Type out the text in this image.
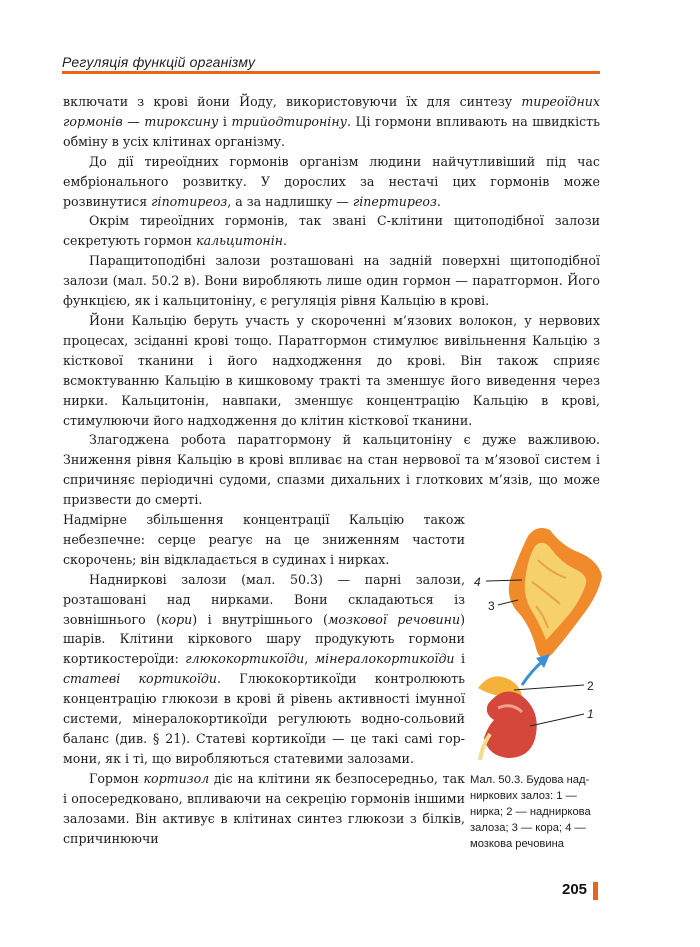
Регуляція функцій організму

включати з крові йони Йоду, використовуючи їх для синтезу тиреоїдних гормонів — тироксину і трийодтироніну. Ці гормони впливають на швидкість обміну в усіх клітинах організму.

До дії тиреоїдних гормонів організм людини найчутливіший під час ембріонального розвитку. У дорослих за нестачі цих гормонів може розвинутися гіпотиреоз, а за надлишку — гіпертиреоз.

Окрім тиреоїдних гормонів, так звані С-клітини щитоподібної залози секретують гормон кальцитонін.

Паращитоподібні залози розташовані на задній поверхні щитоподібної залози (мал. 50.2 в). Вони виробляють лише один гормон — паратгормон. Його функцією, як і кальцитоніну, є регуляція рівня Кальцію в крові.

Йони Кальцію беруть участь у скороченні м’язових волокон, у нервових процесах, зсіданні крові тощо. Паратгормон стимулює вивільнення Кальцію з кісткової тканини і його надходження до крові. Він також сприяє всмоктуванню Кальцію в кишковому тракті та зменшує його виведення через нирки. Кальцитонін, навпаки, зменшує концентрацію Кальцію в крові, стимулюючи його надходження до клітин кісткової тканини.

Злагоджена робота паратгормону й кальцитоніну є дуже важливою. Зниження рівня Кальцію в крові впливає на стан нервової та м’язової систем і спричиняє періодичні судоми, спазми дихальних і глоткових м’язів, що може призвести до смерті.

Надмірне збільшення концентрації Кальцію також небезпечне: серце реагує на це зниженням частоти скорочень; він відкладається в судинах і нирках.

Надниркові залози (мал. 50.3) — парні залози, розташовані над нирками. Вони складаються із зовнішнього (кори) і внутрішнього (мозкової речовини) шарів. Клітини кіркового шару продукують гормони кортикостероїди: глюкокортикоїди, мінералокортикоїди і статеві кортикоїди. Глюкокортикоїди контролюють концентрацію глюкози в крові й рівень активності імунної системи, мінералокортикоїди регулюють водно-сольовий баланс (див. § 21). Статеві кортикоїди — це такі самі гормони, як і ті, що виробляються статевими залозами.

Гормон кортизол діє на клітини як безпосередньо, так і опосередковано, впливаючи на секрецію гормонів іншими залозами. Він активує в клітинах синтез глюкози з білків, спричинюючи

4
3
2
1
Мал. 50.3. Будова надниркових залоз: 1 — нирка; 2 — надниркова залоза; 3 — кора; 4 — мозкова речовина
205
